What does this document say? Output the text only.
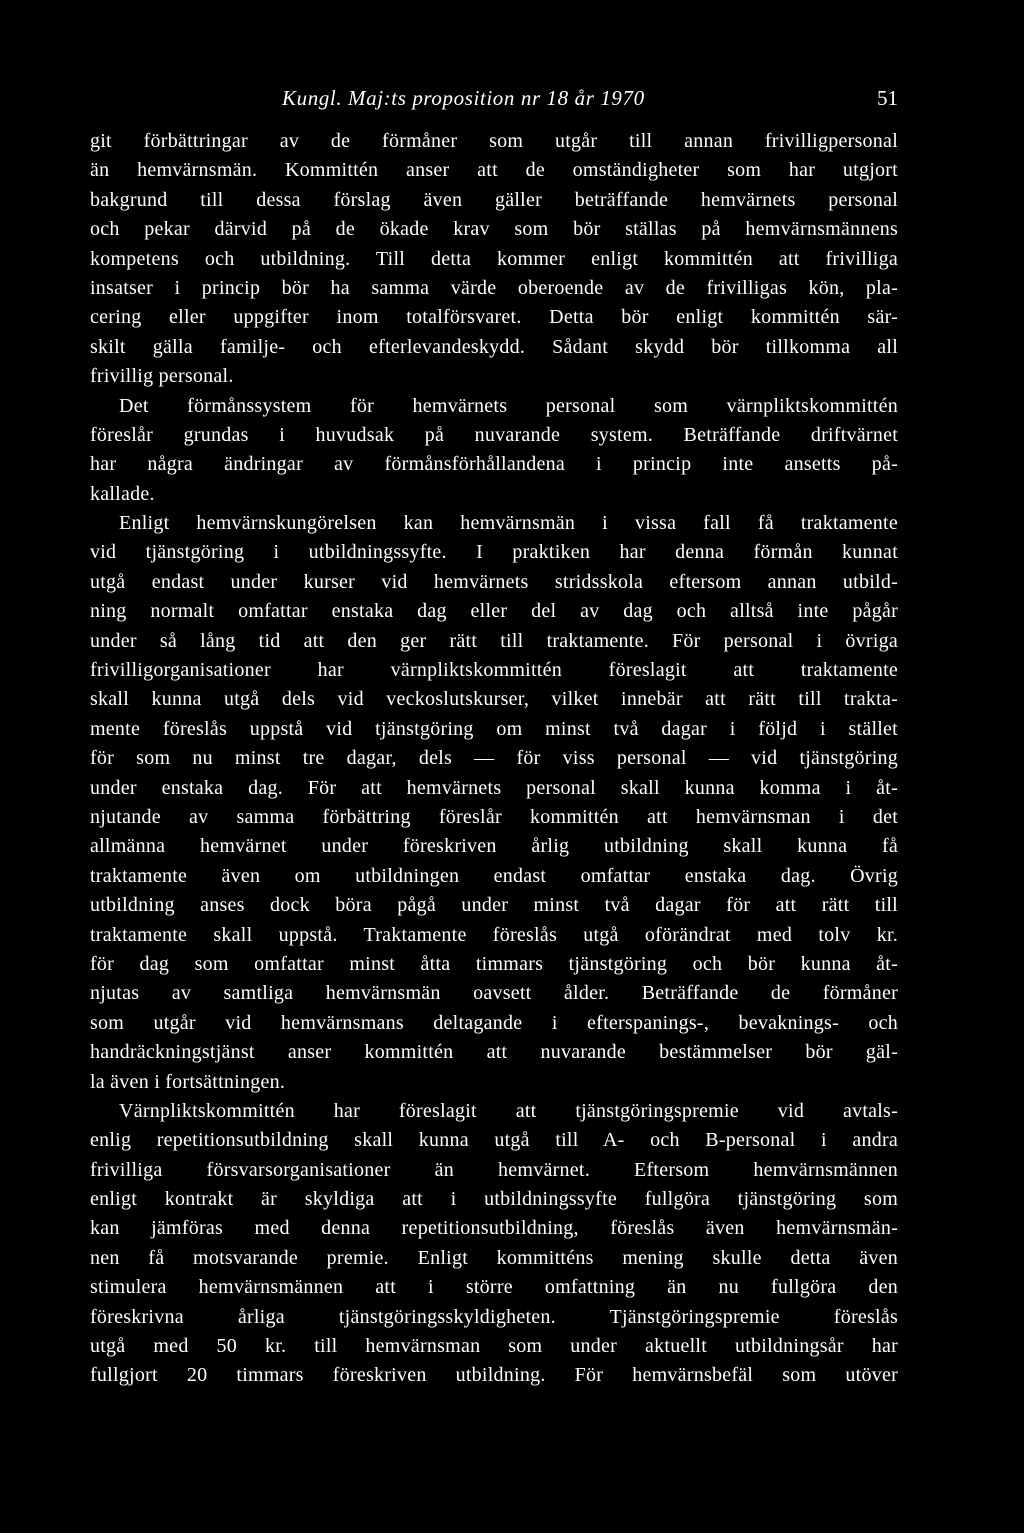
Kungl. Maj:ts proposition nr 18 år 1970	51
git förbättringar av de förmåner som utgår till annan frivilligpersonal
än hemvärnsmän. Kommittén anser att de omständigheter som har utgjort
bakgrund till dessa förslag även gäller beträffande hemvärnets personal
och pekar därvid på de ökade krav som bör ställas på hemvärnsmännens
kompetens och utbildning. Till detta kommer enligt kommittén att frivilliga
insatser i princip bör ha samma värde oberoende av de frivilligas kön, pla-
cering eller uppgifter inom totalförsvaret. Detta bör enligt kommittén sär-
skilt gälla familje- och efterlevandeskydd. Sådant skydd bör tillkomma all
frivillig personal.
Det förmånssystem för hemvärnets personal som värnpliktskommittén
föreslår grundas i huvudsak på nuvarande system. Beträffande driftvärnet
har några ändringar av förmånsförhållandena i princip inte ansetts på-
kallade.
Enligt hemvärnskungörelsen kan hemvärnsmän i vissa fall få traktamente
vid tjänstgöring i utbildningssyfte. I praktiken har denna förmån kunnat
utgå endast under kurser vid hemvärnets stridsskola eftersom annan utbild-
ning normalt omfattar enstaka dag eller del av dag och alltså inte pågår
under så lång tid att den ger rätt till traktamente. För personal i övriga
frivilligorganisationer har värnpliktskommittén föreslagit att traktamente
skall kunna utgå dels vid veckoslutskurser, vilket innebär att rätt till trakta-
mente föreslås uppstå vid tjänstgöring om minst två dagar i följd i stället
för som nu minst tre dagar, dels — för viss personal — vid tjänstgöring
under enstaka dag. För att hemvärnets personal skall kunna komma i åt-
njutande av samma förbättring föreslår kommittén att hemvärnsman i det
allmänna hemvärnet under föreskriven årlig utbildning skall kunna få
traktamente även om utbildningen endast omfattar enstaka dag. Övrig
utbildning anses dock böra pågå under minst två dagar för att rätt till
traktamente skall uppstå. Traktamente föreslås utgå oförändrat med tolv kr.
för dag som omfattar minst åtta timmars tjänstgöring och bör kunna åt-
njutas av samtliga hemvärnsmän oavsett ålder. Beträffande de förmåner
som utgår vid hemvärnsmans deltagande i efterspanings-, bevaknings- och
handräckningstjänst anser kommittén att nuvarande bestämmelser bör gäl-
la även i fortsättningen.
Värnpliktskommittén har föreslagit att tjänstgöringspremie vid avtals-
enlig repetitionsutbildning skall kunna utgå till A- och B-personal i andra
frivilliga försvarsorganisationer än hemvärnet. Eftersom hemvärnsmännen
enligt kontrakt är skyldiga att i utbildningssyfte fullgöra tjänstgöring som
kan jämföras med denna repetitionsutbildning, föreslås även hemvärnsmän-
nen få motsvarande premie. Enligt kommitténs mening skulle detta även
stimulera hemvärnsmännen att i större omfattning än nu fullgöra den
föreskrivna årliga tjänstgöringsskyldigheten. Tjänstgöringspremie föreslås
utgå med 50 kr. till hemvärnsman som under aktuellt utbildningsår har
fullgjort 20 timmars föreskriven utbildning. För hemvärnsbefäl som utöver
